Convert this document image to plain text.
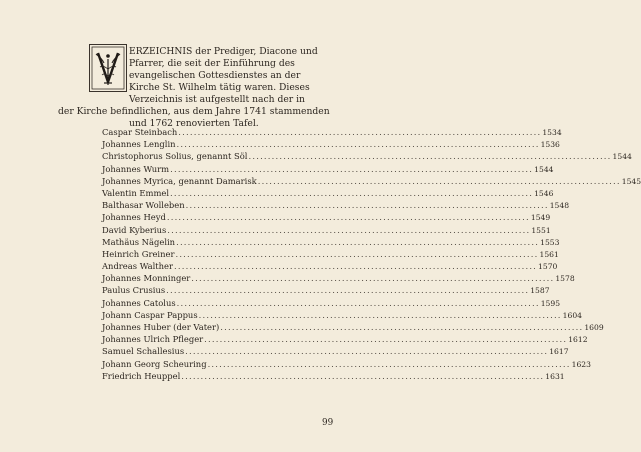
ERZEICHNIS der Prediger, Diacone und
Pfarrer, die seit der Einführung des
evangelischen Gottesdienstes an der
Kirche St. Wilhelm tätig waren. Dieses
Verzeichnis ist aufgestellt nach der in
der Kirche befindlichen, aus dem Jahre 1741 stammenden
und 1762 renovierten Tafel.
Caspar Steinbach .............................................................................................. 1534
Johannes Lenglin .............................................................................................. 1536
Christophorus Solius, genannt Söl .............................................................................................. 1544
Johannes Wurm .............................................................................................. 1544
Johannes Myrica, genannt Damarisk .............................................................................................. 1545
Valentin Emmel .............................................................................................. 1546
Balthasar Wolleben .............................................................................................. 1548
Johannes Heyd .............................................................................................. 1549
David Kyberius .............................................................................................. 1551
Mathäus Nägelin .............................................................................................. 1553
Heinrich Greiner .............................................................................................. 1561
Andreas Walther .............................................................................................. 1570
Johannes Monninger .............................................................................................. 1578
Paulus Crusius .............................................................................................. 1587
Johannes Catolus .............................................................................................. 1595
Johann Caspar Pappus .............................................................................................. 1604
Johannes Huber (der Vater) .............................................................................................. 1609
Johannes Ulrich Pfleger .............................................................................................. 1612
Samuel Schallesius .............................................................................................. 1617
Johann Georg Scheuring .............................................................................................. 1623
Friedrich Heuppel .............................................................................................. 1631
99
